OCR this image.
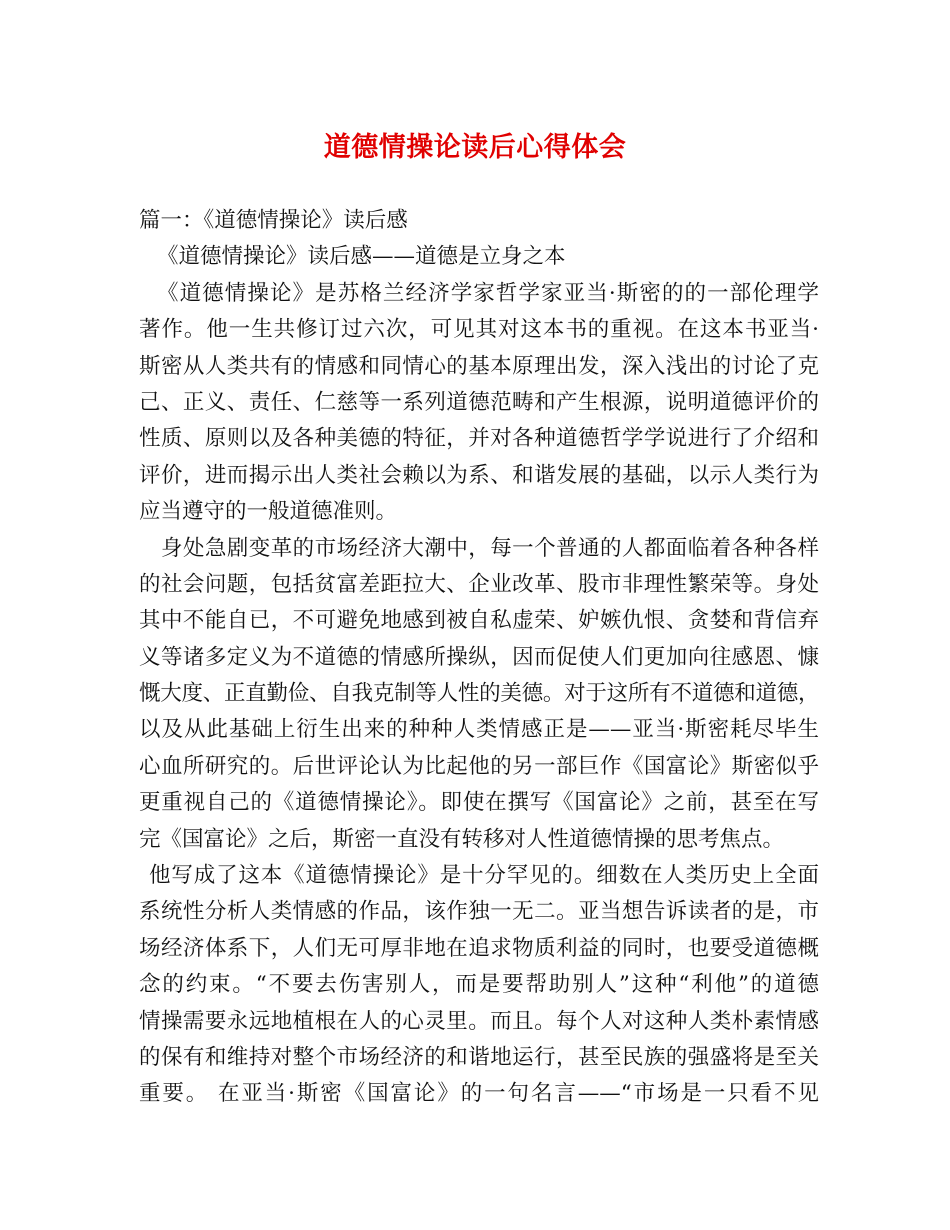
道德情操论读后心得体会
篇一：《道德情操论》读后感
《道德情操论》读后感——道德是立身之本
《道德情操论》是苏格兰经济学家哲学家亚当·斯密的的一部伦理学
著作。他一生共修订过六次，可见其对这本书的重视。在这本书亚当·
斯密从人类共有的情感和同情心的基本原理出发，深入浅出的讨论了克
己、正义、责任、仁慈等一系列道德范畴和产生根源，说明道德评价的
性质、原则以及各种美德的特征，并对各种道德哲学学说进行了介绍和
评价，进而揭示出人类社会赖以为系、和谐发展的基础，以示人类行为
应当遵守的一般道德准则。
身处急剧变革的市场经济大潮中，每一个普通的人都面临着各种各样
的社会问题，包括贫富差距拉大、企业改革、股市非理性繁荣等。身处
其中不能自已，不可避免地感到被自私虚荣、妒嫉仇恨、贪婪和背信弃
义等诸多定义为不道德的情感所操纵，因而促使人们更加向往感恩、慷
慨大度、正直勤俭、自我克制等人性的美德。对于这所有不道德和道德，
以及从此基础上衍生出来的种种人类情感正是——亚当·斯密耗尽毕生
心血所研究的。后世评论认为比起他的另一部巨作《国富论》斯密似乎
更重视自己的《道德情操论》。即使在撰写《国富论》之前，甚至在写
完《国富论》之后，斯密一直没有转移对人性道德情操的思考焦点。
他写成了这本《道德情操论》是十分罕见的。细数在人类历史上全面
系统性分析人类情感的作品，该作独一无二。亚当想告诉读者的是，市
场经济体系下，人们无可厚非地在追求物质利益的同时，也要受道德概
念的约束。“不要去伤害别人，而是要帮助别人”这种“利他”的道德
情操需要永远地植根在人的心灵里。而且。每个人对这种人类朴素情感
的保有和维持对整个市场经济的和谐地运行，甚至民族的强盛将是至关
重要。 在亚当·斯密《国富论》的一句名言——“市场是一只看不见
